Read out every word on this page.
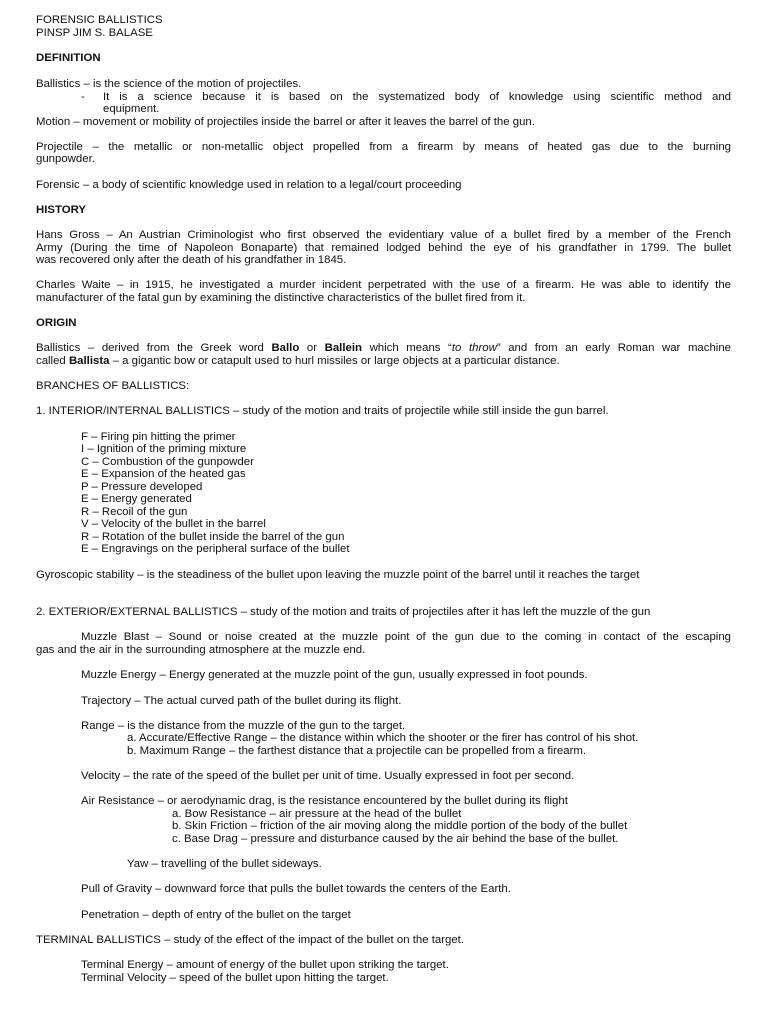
FORENSIC BALLISTICS
PINSP JIM S. BALASE
DEFINITION
Ballistics – is the science of the motion of projectiles.
- It is a science because it is based on the systematized body of knowledge using scientific method and
equipment.
Motion – movement or mobility of projectiles inside the barrel or after it leaves the barrel of the gun.
Projectile – the metallic or non-metallic object propelled from a firearm by means of heated gas due to the burning
gunpowder.
Forensic – a body of scientific knowledge used in relation to a legal/court proceeding
HISTORY
Hans Gross – An Austrian Criminologist who first observed the evidentiary value of a bullet fired by a member of the French
Army (During the time of Napoleon Bonaparte) that remained lodged behind the eye of his grandfather in 1799. The bullet
was recovered only after the death of his grandfather in 1845.
Charles Waite – in 1915, he investigated a murder incident perpetrated with the use of a firearm. He was able to identify the
manufacturer of the fatal gun by examining the distinctive characteristics of the bullet fired from it.
ORIGIN
Ballistics – derived from the Greek word Ballo or Ballein which means “to throw” and from an early Roman war machine
called Ballista – a gigantic bow or catapult used to hurl missiles or large objects at a particular distance.
BRANCHES OF BALLISTICS:
1. INTERIOR/INTERNAL BALLISTICS – study of the motion and traits of projectile while still inside the gun barrel.
F – Firing pin hitting the primer
I – Ignition of the priming mixture
C – Combustion of the gunpowder
E – Expansion of the heated gas
P – Pressure developed
E – Energy generated
R – Recoil of the gun
V – Velocity of the bullet in the barrel
R – Rotation of the bullet inside the barrel of the gun
E – Engravings on the peripheral surface of the bullet
Gyroscopic stability – is the steadiness of the bullet upon leaving the muzzle point of the barrel until it reaches the target
2. EXTERIOR/EXTERNAL BALLISTICS – study of the motion and traits of projectiles after it has left the muzzle of the gun
Muzzle Blast – Sound or noise created at the muzzle point of the gun due to the coming in contact of the escaping
gas and the air in the surrounding atmosphere at the muzzle end.
Muzzle Energy – Energy generated at the muzzle point of the gun, usually expressed in foot pounds.
Trajectory – The actual curved path of the bullet during its flight.
Range – is the distance from the muzzle of the gun to the target.
a. Accurate/Effective Range – the distance within which the shooter or the firer has control of his shot.
b. Maximum Range – the farthest distance that a projectile can be propelled from a firearm.
Velocity – the rate of the speed of the bullet per unit of time. Usually expressed in foot per second.
Air Resistance – or aerodynamic drag, is the resistance encountered by the bullet during its flight
a. Bow Resistance – air pressure at the head of the bullet
b. Skin Friction – friction of the air moving along the middle portion of the body of the bullet
c. Base Drag – pressure and disturbance caused by the air behind the base of the bullet.
Yaw – travelling of the bullet sideways.
Pull of Gravity – downward force that pulls the bullet towards the centers of the Earth.
Penetration – depth of entry of the bullet on the target
TERMINAL BALLISTICS – study of the effect of the impact of the bullet on the target.
Terminal Energy – amount of energy of the bullet upon striking the target.
Terminal Velocity – speed of the bullet upon hitting the target.
